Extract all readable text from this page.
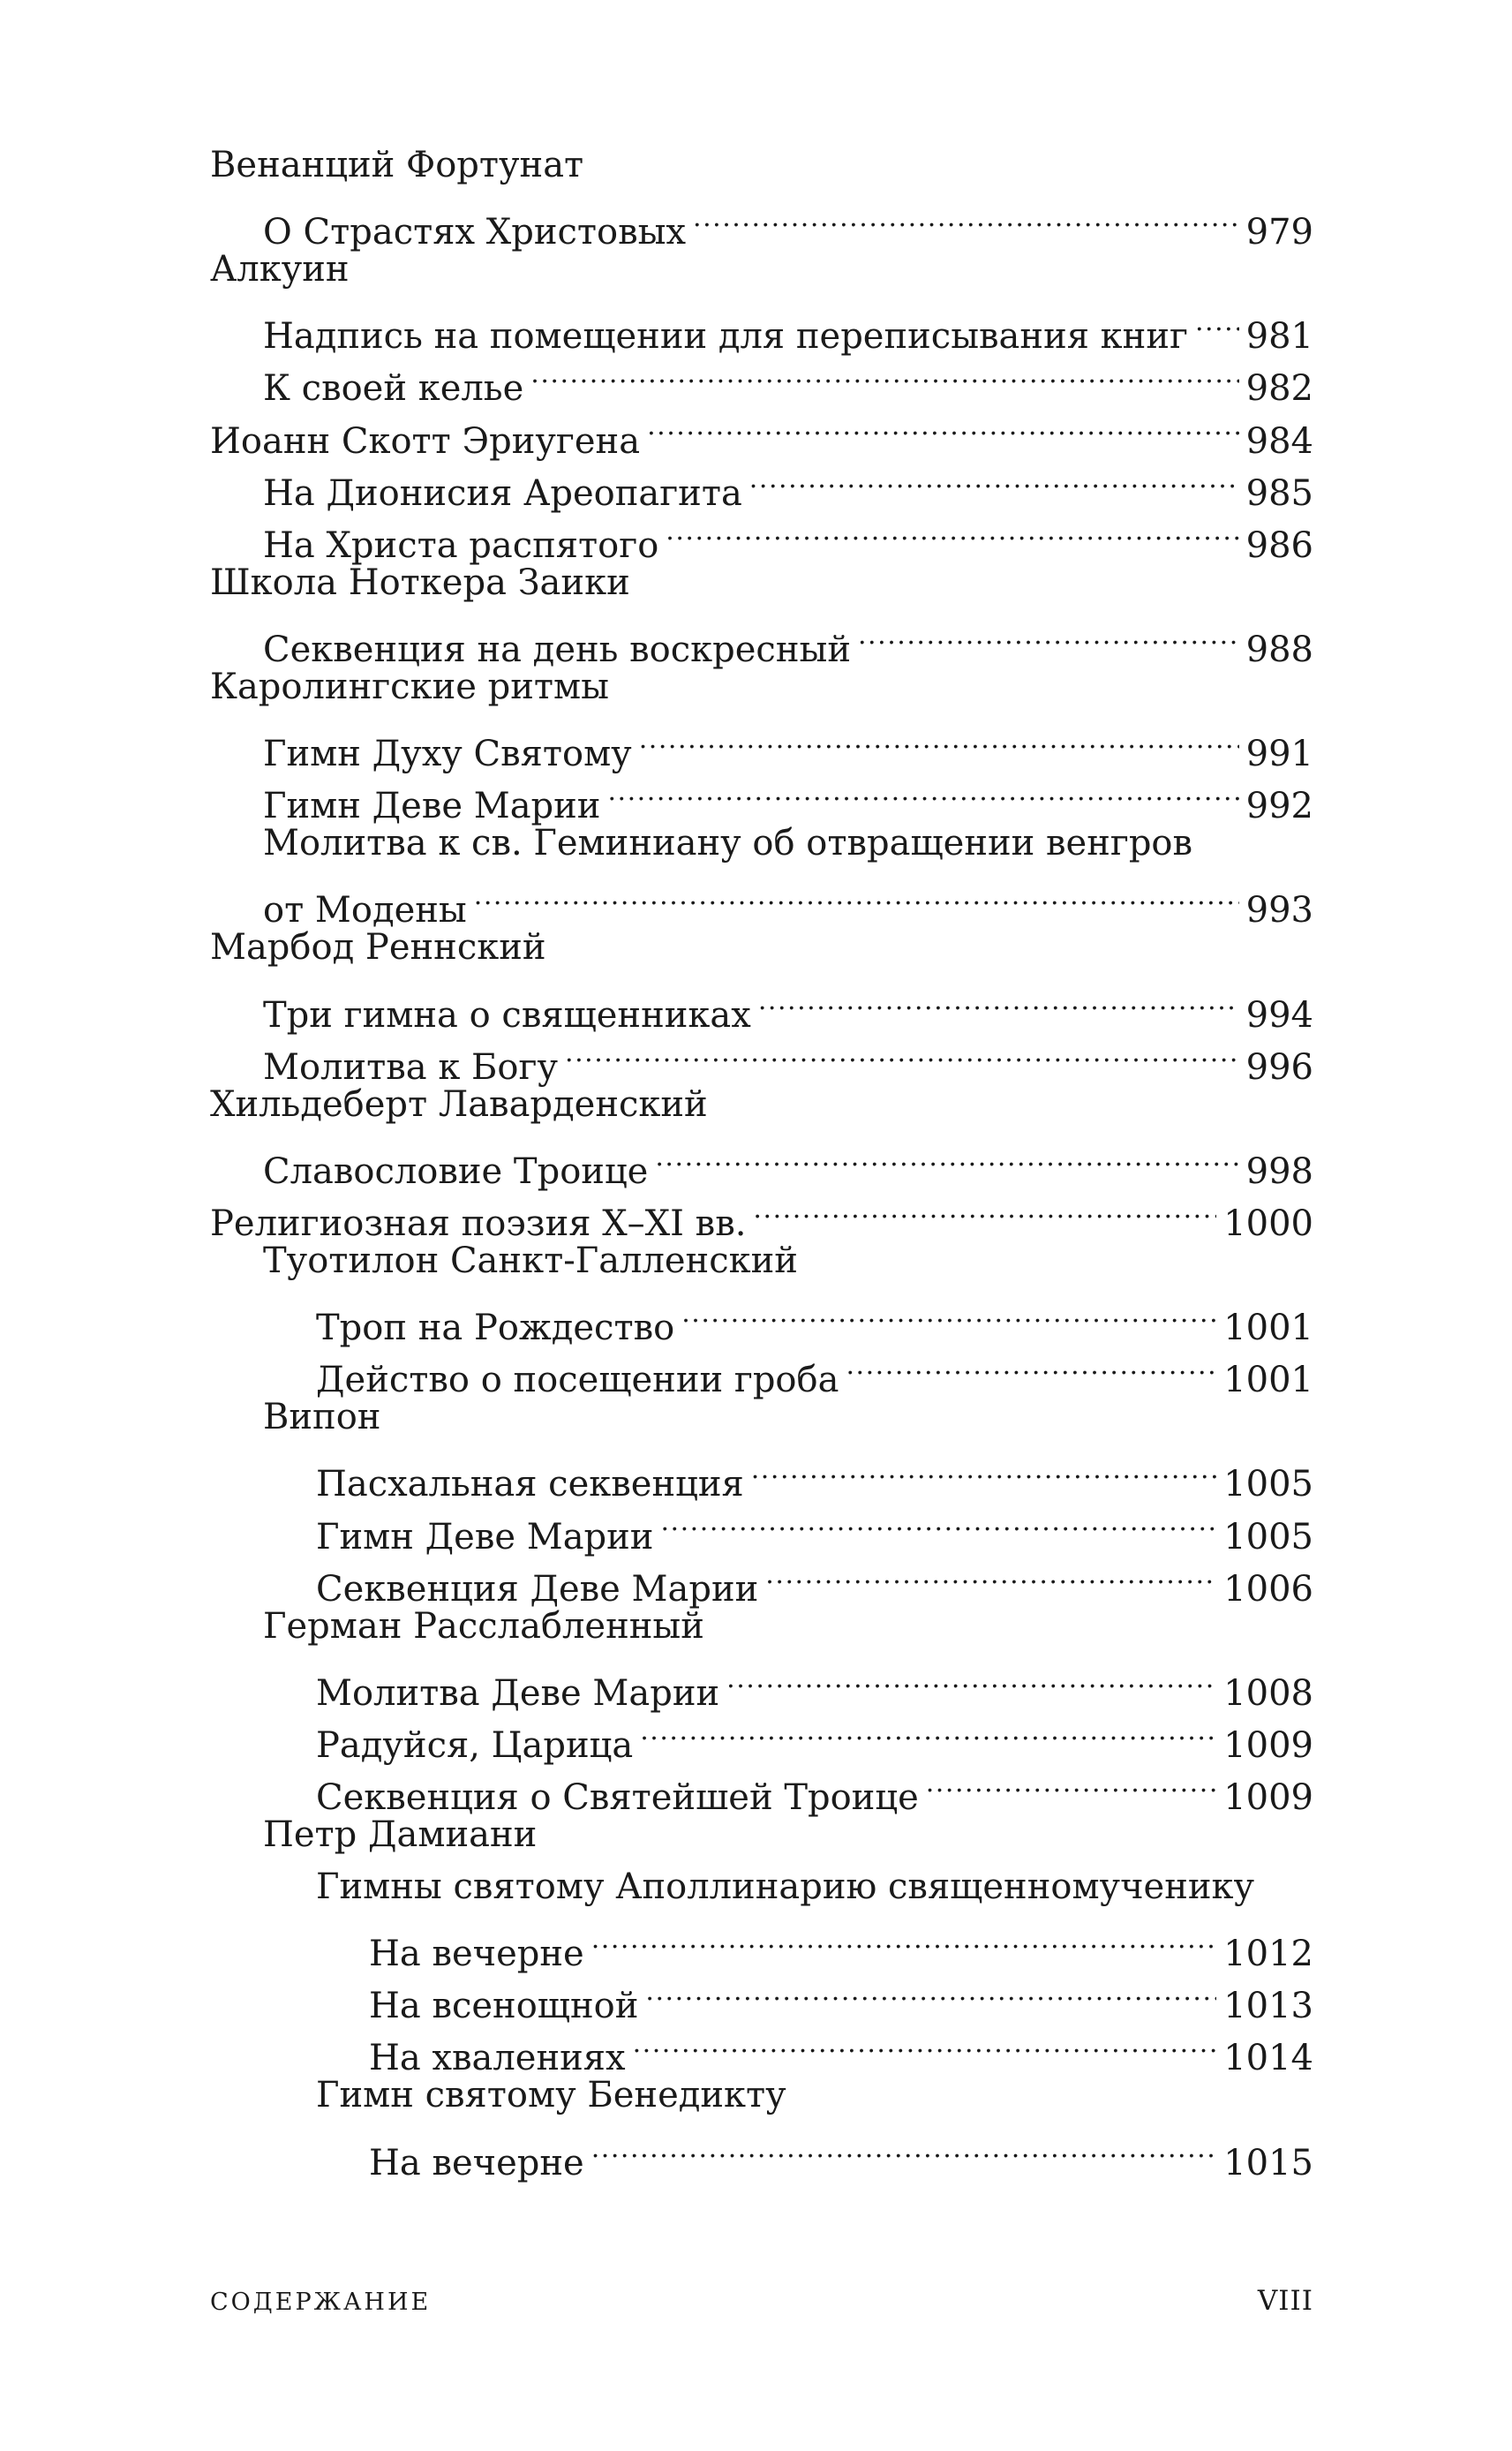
Венанций Фортунат
О Страстях Христовых . . .	979
Алкуин
Надпись на помещении для переписывания книг . . . 981
К своей келье . . .	982
Иоанн Скотт Эриугена . . .	984
На Дионисия Ареопагита . . .	985
На Христа распятого . . .	986
Школа Ноткера Заики
Секвенция на день воскресный . . .	988
Каролингские ритмы
Гимн Духу Святому . . .	991
Гимн Деве Марии . . .	992
Молитва к св. Геминиану об отвращении венгров
от Модены . . .	993
Марбод Реннский
Три гимна о священниках . . .	994
Молитва к Богу . . .	996
Хильдеберт Лаварденский
Славословие Троице . . .	998
Религиозная поэзия X–XI вв. . . .	1000
Туотилон Санкт-Галленский
Троп на Рождество . . .	1001
Действо о посещении гроба . . .	1001
Випон
Пасхальная секвенция . . .	1005
Гимн Деве Марии . . .	1005
Секвенция Деве Марии . . .	1006
Герман Расслабленный
Молитва Деве Марии . . .	1008
Радуйся, Царица . . .	1009
Секвенция о Святейшей Троице . . .	1009
Петр Дамиани
Гимны святому Аполлинарию священномученику
На вечерне . . .	1012
На всенощной . . .	1013
На хвалениях . . .	1014
Гимн святому Бенедикту
На вечерне . . .	1015
СОДЕРЖАНИЕ	VIII
